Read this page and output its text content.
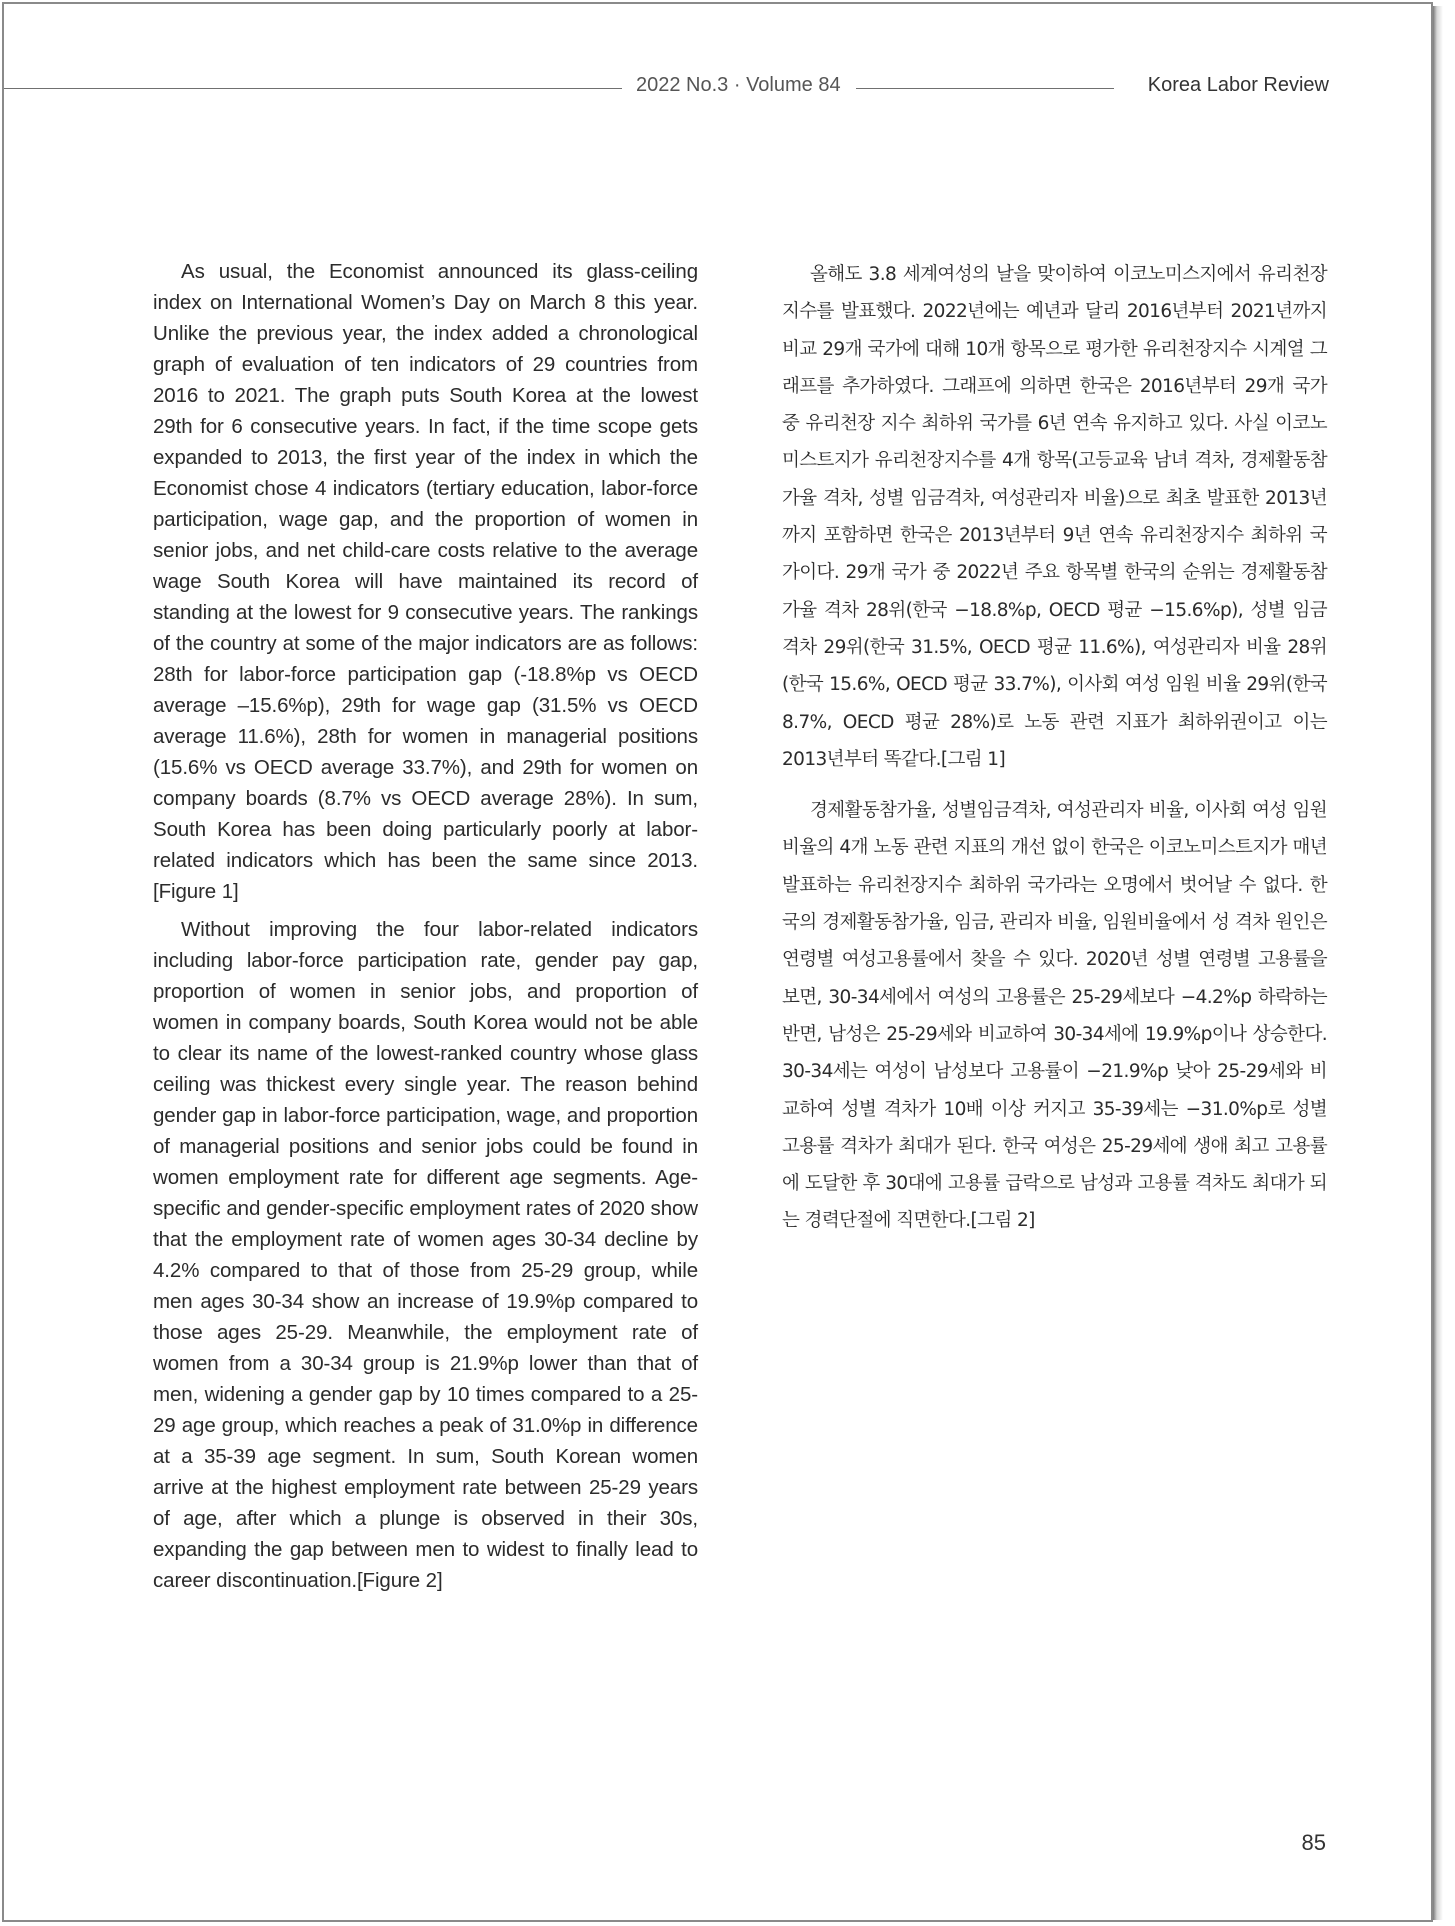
2022 No.3 · Volume 84	Korea Labor Review

As usual, the Economist announced its glass-ceiling index on International Women’s Day on March 8 this year. Unlike the previous year, the index added a chronological graph of evaluation of ten indicators of 29 countries from 2016 to 2021. The graph puts South Korea at the lowest 29th for 6 consecutive years. In fact, if the time scope gets expanded to 2013, the first year of the index in which the Economist chose 4 indicators (tertiary education, labor-force participation, wage gap, and the proportion of women in senior jobs, and net child-care costs relative to the average wage South Korea will have maintained its record of standing at the lowest for 9 consecutive years. The rankings of the country at some of the major indicators are as follows: 28th for labor-force participation gap (-18.8%p vs OECD average –15.6%p), 29th for wage gap (31.5% vs OECD average 11.6%), 28th for women in managerial positions (15.6% vs OECD average 33.7%), and 29th for women on company boards (8.7% vs OECD average 28%). In sum, South Korea has been doing particularly poorly at labor-related indicators which has been the same since 2013. [Figure 1]

Without improving the four labor-related indicators including labor-force participation rate, gender pay gap, proportion of women in senior jobs, and proportion of women in company boards, South Korea would not be able to clear its name of the lowest-ranked country whose glass ceiling was thickest every single year. The reason behind gender gap in labor-force participation, wage, and proportion of managerial positions and senior jobs could be found in women employment rate for different age segments. Age-specific and gender-specific employment rates of 2020 show that the employment rate of women ages 30-34 decline by 4.2% compared to that of those from 25-29 group, while men ages 30-34 show an increase of 19.9%p compared to those ages 25-29. Meanwhile, the employment rate of women from a 30-34 group is 21.9%p lower than that of men, widening a gender gap by 10 times compared to a 25-29 age group, which reaches a peak of 31.0%p in difference at a 35-39 age segment. In sum, South Korean women arrive at the highest employment rate between 25-29 years of age, after which a plunge is observed in their 30s, expanding the gap between men to widest to finally lead to career discontinuation.[Figure 2]

올해도 3.8 세계여성의 날을 맞이하여 이코노미스지에서 유리천장 지수를 발표했다. 2022년에는 예년과 달리 2016년부터 2021년까지 비교 29개 국가에 대해 10개 항목으로 평가한 유리천장지수 시계열 그래프를 추가하였다. 그래프에 의하면 한국은 2016년부터 29개 국가 중 유리천장 지수 최하위 국가를 6년 연속 유지하고 있다. 사실 이코노미스트지가 유리천장지수를 4개 항목(고등교육 남녀 격차, 경제활동참가율 격차, 성별 임금격차, 여성관리자 비율)으로 최초 발표한 2013년까지 포함하면 한국은 2013년부터 9년 연속 유리천장지수 최하위 국가이다. 29개 국가 중 2022년 주요 항목별 한국의 순위는 경제활동참가율 격차 28위(한국 −18.8%p, OECD 평균 −15.6%p), 성별 임금 격차 29위(한국 31.5%, OECD 평균 11.6%), 여성관리자 비율 28위(한국 15.6%, OECD 평균 33.7%), 이사회 여성 임원 비율 29위(한국 8.7%, OECD 평균 28%)로 노동 관련 지표가 최하위권이고 이는 2013년부터 똑같다.[그림 1]

경제활동참가율, 성별임금격차, 여성관리자 비율, 이사회 여성 임원 비율의 4개 노동 관련 지표의 개선 없이 한국은 이코노미스트지가 매년 발표하는 유리천장지수 최하위 국가라는 오명에서 벗어날 수 없다. 한국의 경제활동참가율, 임금, 관리자 비율, 임원비율에서 성 격차 원인은 연령별 여성고용률에서 찾을 수 있다. 2020년 성별 연령별 고용률을 보면, 30-34세에서 여성의 고용률은 25-29세보다 −4.2%p 하락하는 반면, 남성은 25-29세와 비교하여 30-34세에 19.9%p이나 상승한다. 30-34세는 여성이 남성보다 고용률이 −21.9%p 낮아 25-29세와 비교하여 성별 격차가 10배 이상 커지고 35-39세는 −31.0%p로 성별 고용률 격차가 최대가 된다. 한국 여성은 25-29세에 생애 최고 고용률에 도달한 후 30대에 고용률 급락으로 남성과 고용률 격차도 최대가 되는 경력단절에 직면한다.[그림 2]

85
